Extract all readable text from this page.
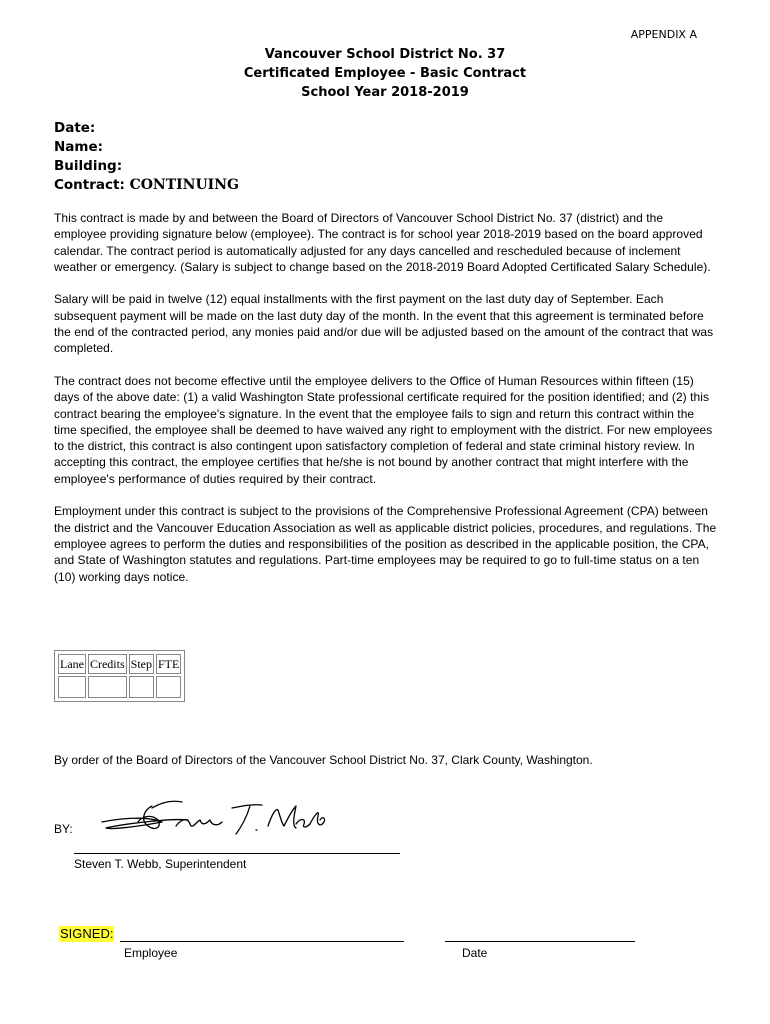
APPENDIX A
Vancouver School District No. 37
Certificated Employee - Basic Contract
School Year 2018-2019
Date:
Name:
Building:
Contract: CONTINUING

This contract is made by and between the Board of Directors of Vancouver School District No. 37 (district) and the employee providing signature below (employee). The contract is for school year 2018-2019 based on the board approved calendar. The contract period is automatically adjusted for any days cancelled and rescheduled because of inclement weather or emergency. (Salary is subject to change based on the 2018-2019 Board Adopted Certificated Salary Schedule).

Salary will be paid in twelve (12) equal installments with the first payment on the last duty day of September. Each subsequent payment will be made on the last duty day of the month. In the event that this agreement is terminated before the end of the contracted period, any monies paid and/or due will be adjusted based on the amount of the contract that was completed.

The contract does not become effective until the employee delivers to the Office of Human Resources within fifteen (15) days of the above date: (1) a valid Washington State professional certificate required for the position identified; and (2) this contract bearing the employee's signature. In the event that the employee fails to sign and return this contract within the time specified, the employee shall be deemed to have waived any right to employment with the district. For new employees to the district, this contract is also contingent upon satisfactory completion of federal and state criminal history review. In accepting this contract, the employee certifies that he/she is not bound by another contract that might interfere with the employee's performance of duties required by their contract.

Employment under this contract is subject to the provisions of the Comprehensive Professional Agreement (CPA) between the district and the Vancouver Education Association as well as applicable district policies, procedures, and regulations. The employee agrees to perform the duties and responsibilities of the position as described in the applicable position, the CPA, and State of Washington statutes and regulations. Part-time employees may be required to go to full-time status on a ten (10) working days notice.

Lane	Credits	Step	FTE

By order of the Board of Directors of the Vancouver School District No. 37, Clark County, Washington.
BY:
Steven T. Webb, Superintendent
SIGNED:
Employee	Date
